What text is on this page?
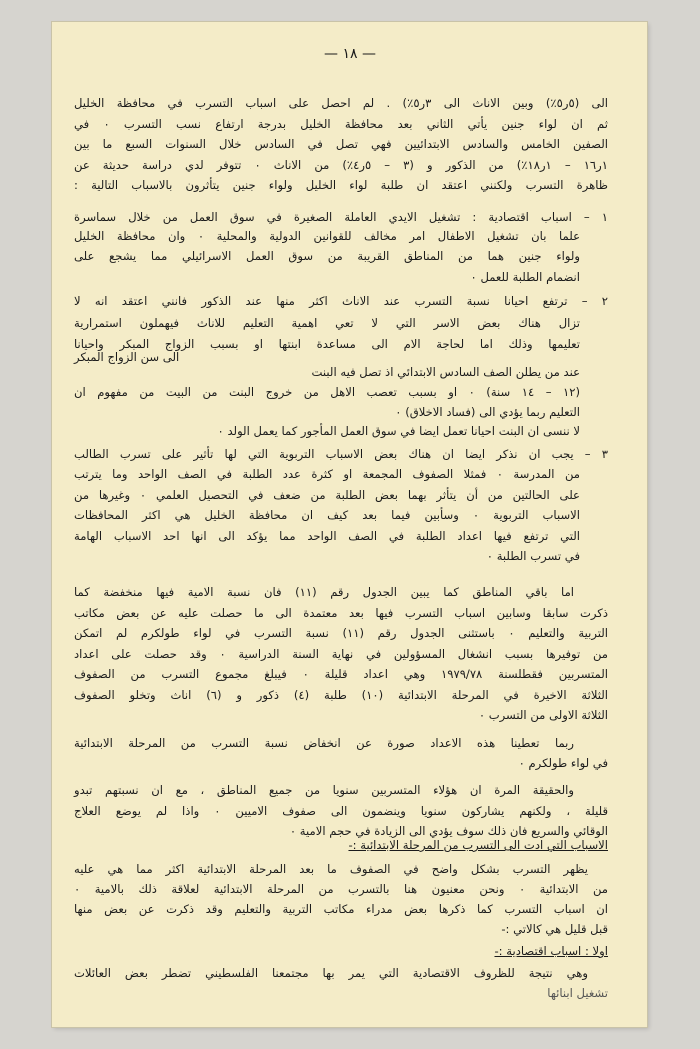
— ١٨ —
الى (٥ر٥٪) وبين الاناث الى ٣ر٥٪) . لم احصل على اسباب التسرب في محافظة الخليل
ثم ان لواء جنين يأتي الثاني بعد محافظة الخليل بدرجة ارتفاع نسب التسرب ٠ في
الصفين الخامس والسادس الابتدائيين فهي تصل في السادس خلال السنوات السبع ما بين
١ر١٦ – ١ر١٨٪) من الذكور و (٣ – ٥ر٤٪) من الاناث ٠ تتوفر لدي دراسة حديثة عن
ظاهرة التسرب ولكنني اعتقد ان طلبة لواء الخليل ولواء جنين يتأثرون بالاسباب التالية :
١ – اسباب اقتصادية : تشغيل الايدي العاملة الصغيرة في سوق العمل من خلال سماسرة
علما بان تشغيل الاطفال امر مخالف للقوانين الدولية والمحلية ٠ وان محافظة الخليل
ولواء جنين هما من المناطق القريبة من سوق العمل الاسرائيلي مما يشجع على
انضمام الطلبة للعمل ٠
٢ – ترتفع احيانا نسبة التسرب عند الاناث اكثر منها عند الذكور فانني اعتقد انه لا
تزال هناك بعض الاسر التي لا تعي اهمية التعليم للاناث فيهملون استمرارية
تعليمها وذلك اما لحاجة الام الى مساعدة ابنتها او بسبب الزواج المبكر واحيانا
الى سن الزواج المبكر
عند من يطلن الصف السادس الابتدائي اذ تصل فيه البنت
(١٢ – ١٤ سنة) ٠ او بسبب تعصب الاهل من خروج البنت من البيت من مفهوم ان
التعليم ربما يؤدي الى (فساد الاخلاق) ٠
لا ننسى ان البنت احيانا تعمل ايضا في سوق العمل المأجور كما يعمل الولد ٠
٣ – يجب ان نذكر ايضا ان هناك بعض الاسباب التربوية التي لها تأثير على تسرب الطالب
من المدرسة ٠ فمثلا الصفوف المجمعة او كثرة عدد الطلبة في الصف الواحد وما يترتب
على الحالتين من أن يتأثر بهما بعض الطلبة من ضعف في التحصيل العلمي ٠ وغيرها من
الاسباب التربوية ٠ وسأبين فيما بعد كيف ان محافظة الخليل هي اكثر المحافظات
التي ترتفع فيها اعداد الطلبة في الصف الواحد مما يؤكد الى انها احد الاسباب الهامة
في تسرب الطلبة ٠
اما باقي المناطق كما يبين الجدول رقم (١١) فان نسبة الامية فيها منخفضة كما
ذكرت سابقا وسابين اسباب التسرب فيها بعد معتمدة الى ما حصلت عليه عن بعض مكاتب
التربية والتعليم ٠ باستثنى الجدول رقم (١١) نسبة التسرب في لواء طولكرم لم اتمكن
من توفيرها بسبب انشغال المسؤولين في نهاية السنة الدراسية ٠ وقد حصلت على اعداد
المتسربين فقطلسنة ١٩٧٩/٧٨ وهي اعداد قليلة ٠ فيبلغ مجموع التسرب من الصفوف
الثلاثة الاخيرة في المرحلة الابتدائية (١٠) طلبة (٤) ذكور و (٦) اناث وتخلو الصفوف
الثلاثة الاولى من التسرب ٠
ربما تعطينا هذه الاعداد صورة عن انخفاض نسبة التسرب من المرحلة الابتدائية
في لواء طولكرم ٠
والحقيقة المرة ان هؤلاء المتسربين سنويا من جميع المناطق ، مع ان نسبتهم تبدو
قليلة ، ولكنهم يشاركون سنويا وينضمون الى صفوف الاميين ٠ واذا لم يوضع العلاج
الوقائي والسريع فان ذلك سوف يؤدي الى الزيادة في حجم الامية ٠
الاسباب التي ادت الى التسرب من المرحلة الابتدائية :-
يظهر التسرب بشكل واضح في الصفوف ما بعد المرحلة الابتدائية اكثر مما هي عليه
من الابتدائية ٠ ونحن معنيون هنا بالتسرب من المرحلة الابتدائية لعلاقة ذلك بالامية ٠
ان اسباب التسرب كما ذكرها بعض مدراء مكاتب التربية والتعليم وقد ذكرت عن بعض منها
قبل قليل هي كالاتي :-
اولا : اسباب اقتصادية :-
وهي نتيجة للظروف الاقتصادية التي يمر بها مجتمعنا الفلسطيني تضطر بعض العائلات
تشغيل ابنائها
